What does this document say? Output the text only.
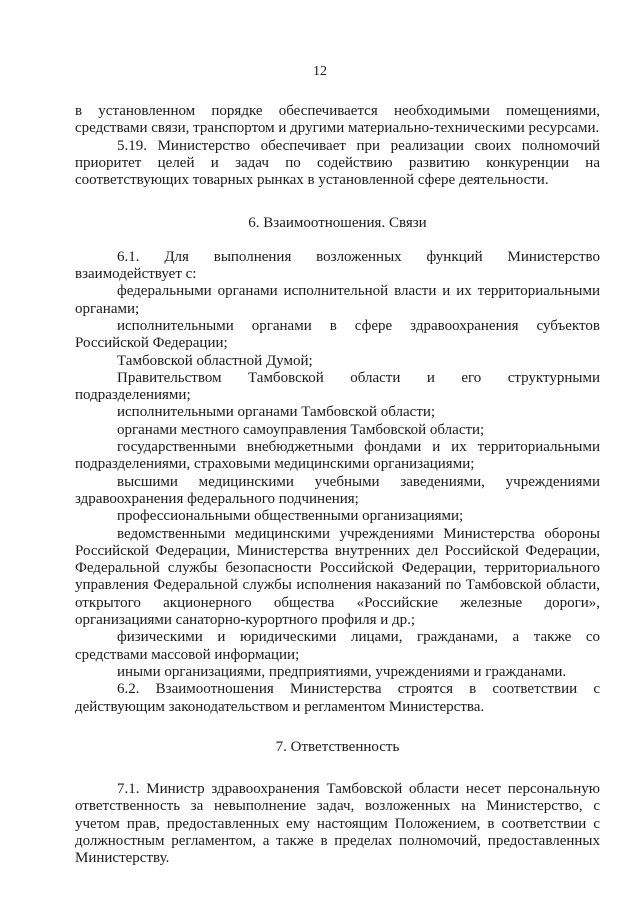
12

в установленном порядке обеспечивается необходимыми помещениями, средствами связи, транспортом и другими материально-техническими ресурсами.

5.19. Министерство обеспечивает при реализации своих полномочий приоритет целей и задач по содействию развитию конкуренции на соответствующих товарных рынках в установленной сфере деятельности.

6. Взаимоотношения. Связи

6.1. Для выполнения возложенных функций Министерство взаимодействует с:

федеральными органами исполнительной власти и их территориальными органами;

исполнительными органами в сфере здравоохранения субъектов Российской Федерации;

Тамбовской областной Думой;

Правительством Тамбовской области и его структурными подразделениями;

исполнительными органами Тамбовской области;

органами местного самоуправления Тамбовской области;

государственными внебюджетными фондами и их территориальными подразделениями, страховыми медицинскими организациями;

высшими медицинскими учебными заведениями, учреждениями здравоохранения федерального подчинения;

профессиональными общественными организациями;

ведомственными медицинскими учреждениями Министерства обороны Российской Федерации, Министерства внутренних дел Российской Федерации, Федеральной службы безопасности Российской Федерации, территориального управления Федеральной службы исполнения наказаний по Тамбовской области, открытого акционерного общества «Российские железные дороги», организациями санаторно-курортного профиля и др.;

физическими и юридическими лицами, гражданами, а также со средствами массовой информации;

иными организациями, предприятиями, учреждениями и гражданами.

6.2. Взаимоотношения Министерства строятся в соответствии с действующим законодательством и регламентом Министерства.

7. Ответственность

7.1. Министр здравоохранения Тамбовской области несет персональную ответственность за невыполнение задач, возложенных на Министерство, с учетом прав, предоставленных ему настоящим Положением, в соответствии с должностным регламентом, а также в пределах полномочий, предоставленных Министерству.
